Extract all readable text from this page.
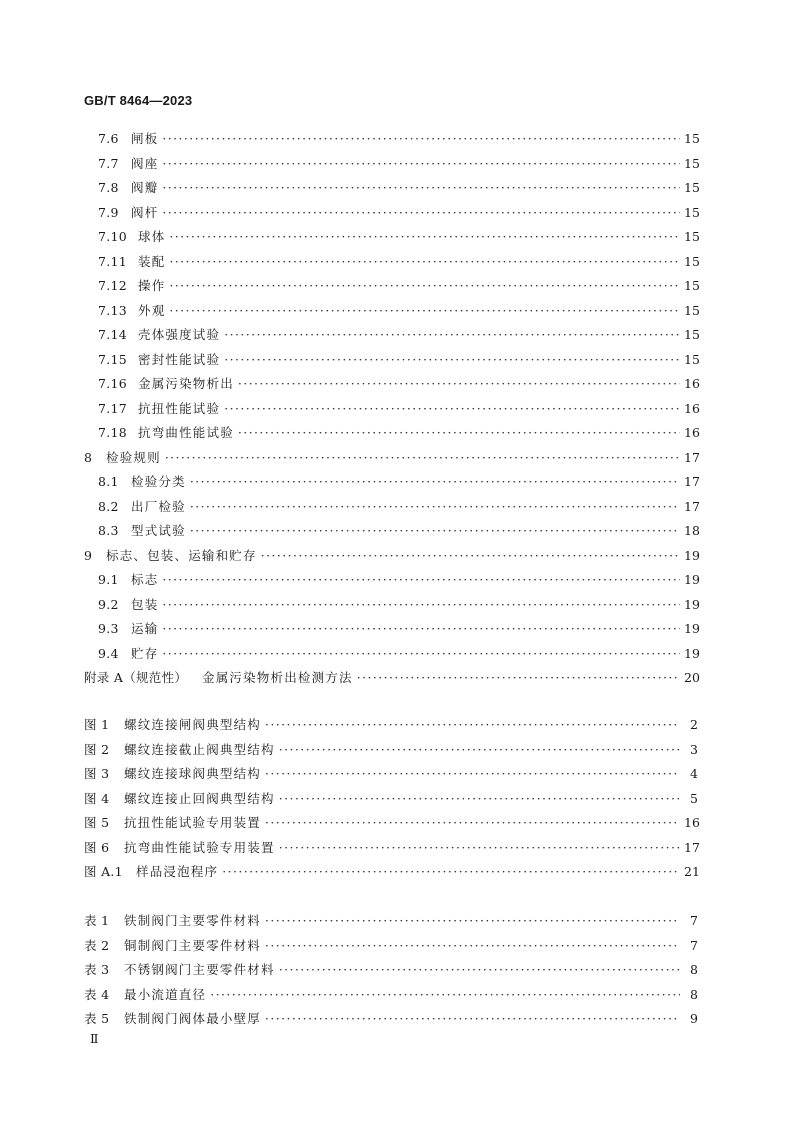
GB/T 8464—2023
7.6 闸板 ·····	15
7.7 阀座 ·····	15
7.8 阀瓣 ·····	15
7.9 阀杆 ·····	15
7.10 球体 ·····	15
7.11 装配 ·····	15
7.12 操作 ·····	15
7.13 外观 ·····	15
7.14 壳体强度试验 ·····	15
7.15 密封性能试验 ·····	15
7.16 金属污染物析出 ·····	16
7.17 抗扭性能试验 ·····	16
7.18 抗弯曲性能试验 ·····	16
8	检验规则 ·····	17
8.1 检验分类 ·····	17
8.2 出厂检验 ·····	17
8.3 型式试验 ·····	18
9	标志、包装、运输和贮存 ·····	19
9.1 标志 ·····	19
9.2 包装 ·····	19
9.3 运输 ·····	19
9.4 贮存 ·····	19
附录 A（规范性）	金属污染物析出检测方法 ·····	20
图 1	螺纹连接闸阀典型结构 ·····	2
图 2	螺纹连接截止阀典型结构 ·····	3
图 3	螺纹连接球阀典型结构 ·····	4
图 4	螺纹连接止回阀典型结构 ·····	5
图 5	抗扭性能试验专用装置 ·····	16
图 6	抗弯曲性能试验专用装置 ·····	17
图 A.1	样品浸泡程序 ·····	21
表 1	铁制阀门主要零件材料 ·····	7
表 2	铜制阀门主要零件材料 ·····	7
表 3	不锈钢阀门主要零件材料 ·····	8
表 4	最小流道直径 ·····	8
表 5	铁制阀门阀体最小壁厚 ·····	9
Ⅱ
